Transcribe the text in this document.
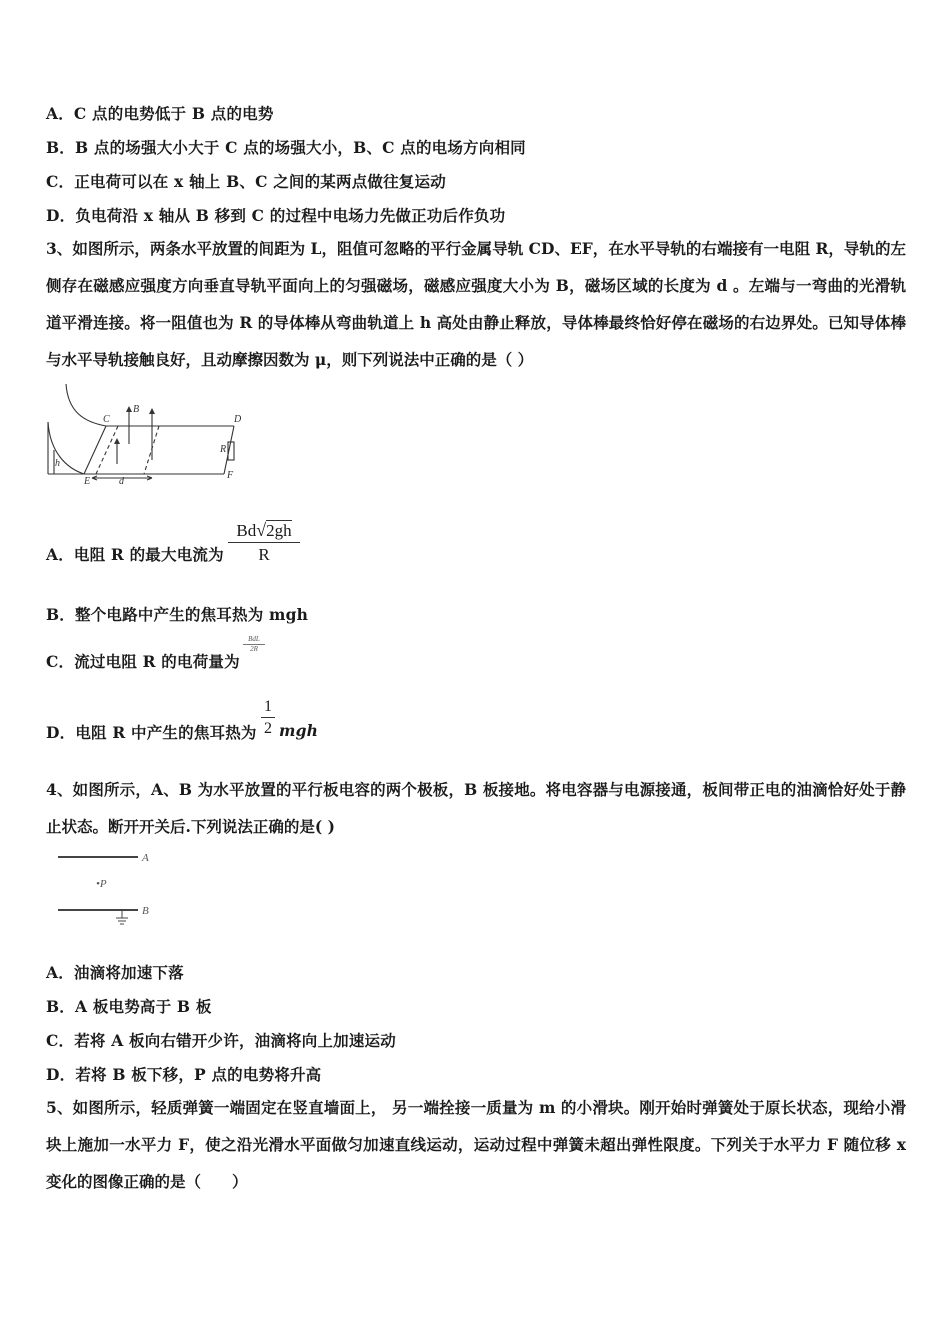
A．C 点的电势低于 B 点的电势
B．B 点的场强大小大于 C 点的场强大小，B、C 点的电场方向相同
C．正电荷可以在 x 轴上 B、C 之间的某两点做往复运动
D．负电荷沿 x 轴从 B 移到 C 的过程中电场力先做正功后作负功
3、如图所示，两条水平放置的间距为 L，阻值可忽略的平行金属导轨 CD、EF，在水平导轨的右端接有一电阻 R，导轨的左侧存在磁感应强度方向垂直导轨平面向上的匀强磁场，磁感应强度大小为 B，磁场区域的长度为 d 。左端与一弯曲的光滑轨道平滑连接。将一阻值也为 R 的导体棒从弯曲轨道上 h 高处由静止释放，导体棒最终恰好停在磁场的右边界处。已知导体棒与水平导轨接触良好，且动摩擦因数为 μ，则下列说法中正确的是（ ）
C
B
D
R
h
E	d
F
A．电阻 R 的最大电流为 $\frac{Bd√2gh}{R}$
B．整个电路中产生的焦耳热为 mgh
C．流过电阻 R 的电荷量为
BdL
2R
D．电阻 R 中产生的焦耳热为 $\frac{1}{2}$ mgh
4、如图所示，A、B 为水平放置的平行板电容的两个极板，B 板接地。将电容器与电源接通，板间带正电的油滴恰好处于静止状态。断开开关后.下列说法正确的是( )
A
•P
B
A．油滴将加速下落
B．A 板电势高于 B 板
C．若将 A 板向右错开少许，油滴将向上加速运动
D．若将 B 板下移，P 点的电势将升高
5、如图所示，轻质弹簧一端固定在竖直墙面上， 另一端拴接一质量为 m 的小滑块。刚开始时弹簧处于原长状态，现给小滑块上施加一水平力 F，使之沿光滑水平面做匀加速直线运动，运动过程中弹簧未超出弹性限度。下列关于水平力 F 随位移 x 变化的图像正确的是（　　）
